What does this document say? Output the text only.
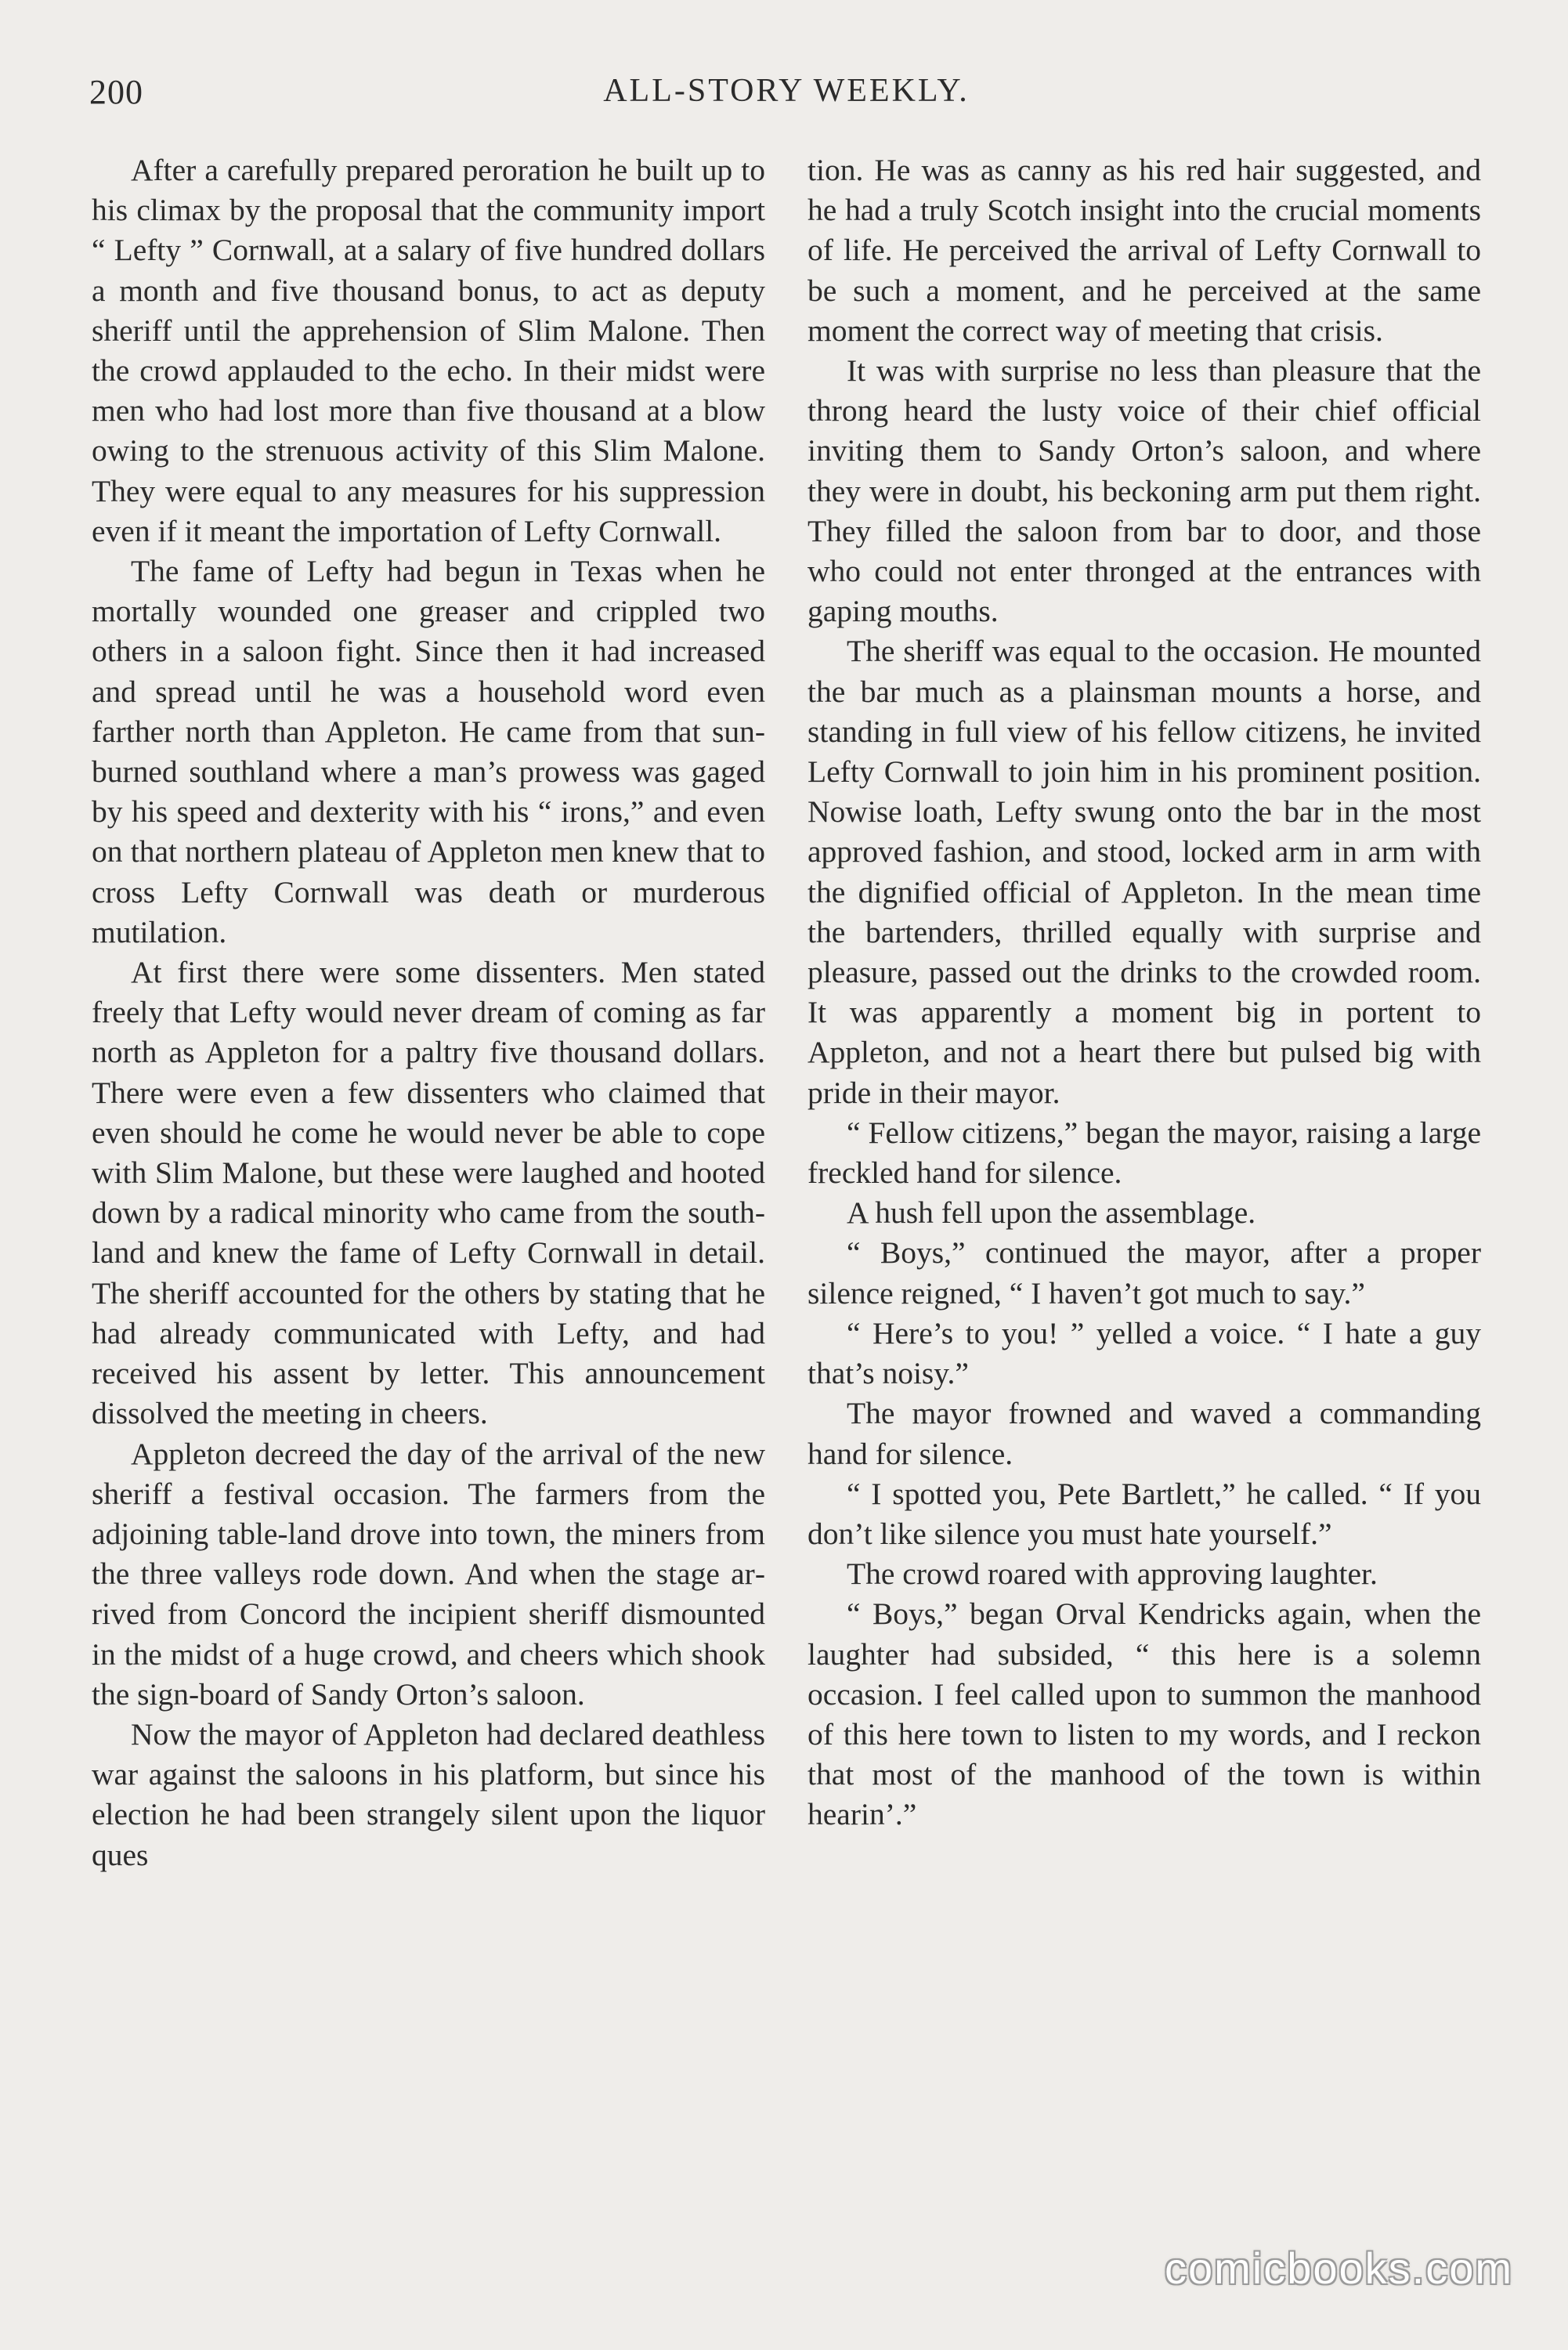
200	ALL-STORY WEEKLY.

After a carefully prepared peroration he built up to his climax by the proposal that the community import “ Lefty ” Cornwall, at a salary of five hundred dollars a month and five thousand bonus, to act as deputy sheriff until the apprehension of Slim Malone. Then the crowd applauded to the echo. In their midst were men who had lost more than five thousand at a blow owing to the strenuous activity of this Slim Malone. They were equal to any measures for his suppression even if it meant the importation of Lefty Cornwall.

The fame of Lefty had begun in Texas when he mortally wounded one greaser and crippled two others in a saloon fight. Since then it had increased and spread until he was a household word even farther north than Appleton. He came from that sun-burned southland where a man’s prowess was gaged by his speed and dexterity with his “ irons,” and even on that northern plateau of Appleton men knew that to cross Lefty Cornwall was death or murderous mutilation.

At first there were some dissenters. Men stated freely that Lefty would never dream of coming as far north as Appleton for a paltry five thousand dollars. There were even a few dissenters who claimed that even should he come he would never be able to cope with Slim Malone, but these were laughed and hooted down by a radical minority who came from the southland and knew the fame of Lefty Cornwall in detail. The sheriff accounted for the others by stating that he had already communicated with Lefty, and had received his assent by letter. This announcement dissolved the meeting in cheers.

Appleton decreed the day of the arrival of the new sheriff a festival occasion. The farmers from the adjoining table-land drove into town, the miners from the three valleys rode down. And when the stage arrived from Concord the incipient sheriff dismounted in the midst of a huge crowd, and cheers which shook the sign-board of Sandy Orton’s saloon.

Now the mayor of Appleton had declared deathless war against the saloons in his platform, but since his election he had been strangely silent upon the liquor ques

tion. He was as canny as his red hair suggested, and he had a truly Scotch insight into the crucial moments of life. He perceived the arrival of Lefty Cornwall to be such a moment, and he perceived at the same moment the correct way of meeting that crisis.

It was with surprise no less than pleasure that the throng heard the lusty voice of their chief official inviting them to Sandy Orton’s saloon, and where they were in doubt, his beckoning arm put them right. They filled the saloon from bar to door, and those who could not enter thronged at the entrances with gaping mouths.

The sheriff was equal to the occasion. He mounted the bar much as a plainsman mounts a horse, and standing in full view of his fellow citizens, he invited Lefty Cornwall to join him in his prominent position. Nowise loath, Lefty swung onto the bar in the most approved fashion, and stood, locked arm in arm with the dignified official of Appleton. In the mean time the bartenders, thrilled equally with surprise and pleasure, passed out the drinks to the crowded room. It was apparently a moment big in portent to Appleton, and not a heart there but pulsed big with pride in their mayor.

“ Fellow citizens,” began the mayor, raising a large freckled hand for silence.

A hush fell upon the assemblage.

“ Boys,” continued the mayor, after a proper silence reigned, “ I haven’t got much to say.”

“ Here’s to you! ” yelled a voice. “ I hate a guy that’s noisy.”

The mayor frowned and waved a commanding hand for silence.

“ I spotted you, Pete Bartlett,” he called. “ If you don’t like silence you must hate yourself.”

The crowd roared with approving laughter.

“ Boys,” began Orval Kendricks again, when the laughter had subsided, “ this here is a solemn occasion. I feel called upon to summon the manhood of this here town to listen to my words, and I reckon that most of the manhood of the town is within hearin’.”

comicbooks.com
